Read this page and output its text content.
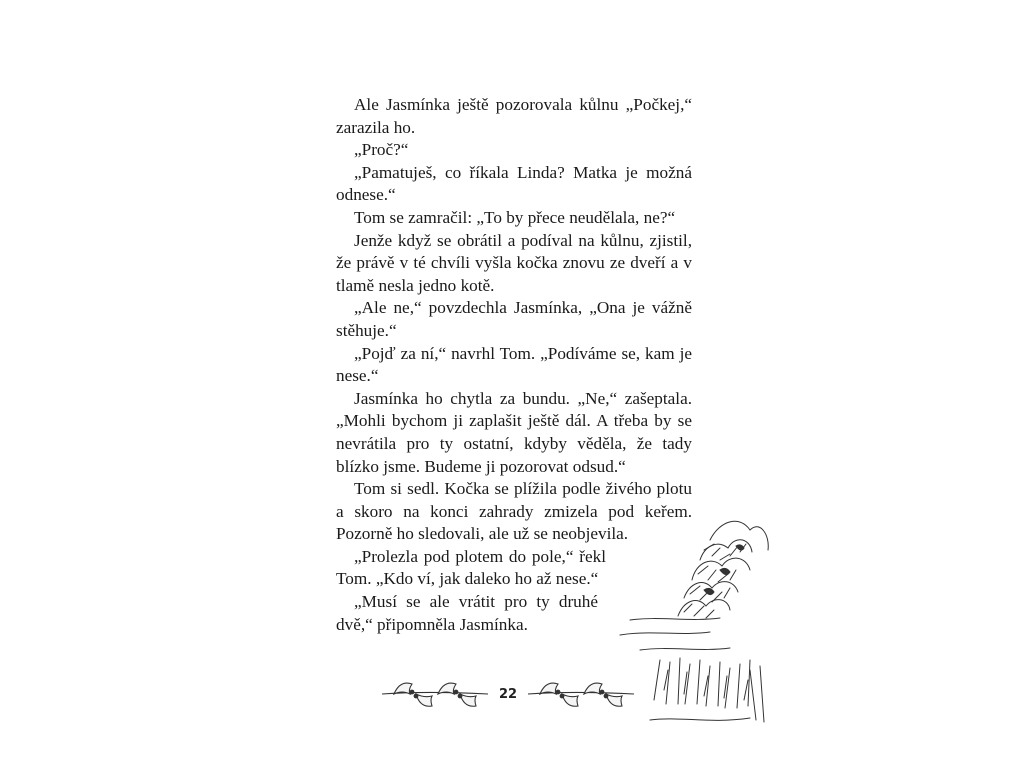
Ale Jasmínka ještě pozorovala kůlnu „Počkej,“ zarazila ho.

„Proč?“

„Pamatuješ, co říkala Linda? Matka je možná odnese.“

Tom se zamračil: „To by přece neudělala, ne?“

Jenže když se obrátil a podíval na kůlnu, zjistil, že právě v té chvíli vyšla kočka znovu ze dveří a v tlamě nesla jedno kotě.

„Ale ne,“ povzdechla Jasmínka, „Ona je vážně stěhuje.“

„Pojď za ní,“ navrhl Tom. „Podíváme se, kam je nese.“

Jasmínka ho chytla za bundu. „Ne,“ zašeptala. „Mohli bychom ji zaplašit ještě dál. A třeba by se nevrátila pro ty ostatní, kdyby věděla, že tady blízko jsme. Budeme ji pozorovat odsud.“

Tom si sedl. Kočka se plížila podle živého plotu a skoro na konci zahrady zmizela pod keřem. Pozorně ho sledovali, ale už se neobjevila.

„Prolezla pod plotem do pole,“ řekl Tom. „Kdo ví, jak daleko ho až nese.“

„Musí se ale vrátit pro ty druhé dvě,“ připomněla Jasmínka.

22
